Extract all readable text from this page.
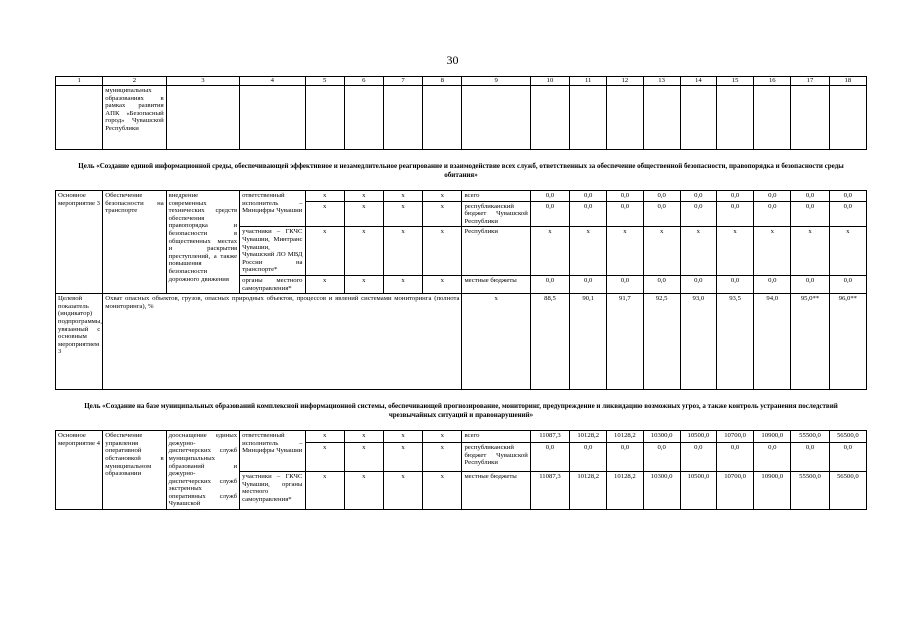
30
1	2	3	4	5	6	7	8	9	10	11	12	13	14	15	16	17	18
	муниципальных образованиях в рамках развития АПК «Безопасный город» Чувашской Республики																
Цель «Создание единой информационной среды, обеспечивающей эффективное и незамедлительное реагирование и взаимодействие всех служб, ответственных за обеспечение общественной безопасности, правопорядка и безопасности среды обитания»																	
Основное мероприятие 3	Обеспечение безопасности на транспорте	внедрение современных технических средств обеспечения правопорядка и безопасности в общественных местах и раскрытия преступлений, а также повышения безопасности дорожного движения	ответственный исполнитель – Минцифры Чувашии	x	x	x	x	всего	0,0	0,0	0,0	0,0	0,0	0,0	0,0	0,0	0,0
				x	x	x	x	республиканский бюджет Чувашской Республики	0,0	0,0	0,0	0,0	0,0	0,0	0,0	0,0	0,0
			участники – ГКЧС Чувашии, Минтранс Чувашии, Чувашский ЛО МВД России на транспорте*	x	x	x	x	Республики	x	x	x	x	x	x	x	x	x
			органы местного самоуправления*	x	x	x	x	местные бюджеты	0,0	0,0	0,0	0,0	0,0	0,0	0,0	0,0	0,0
Целевой показатель (индикатор) подпрограммы, увязанный с основным мероприятием 3	Охват опасных объектов, грузов, опасных природных объектов, процессов и явлений системами мониторинга (полнота мониторинга), %							x	88,5	90,1	91,7	92,5	93,0	93,5	94,0	95,0**	96,0**
Цель «Создание на базе муниципальных образований комплексной информационной системы, обеспечивающей прогнозирование, мониторинг, предупреждение и ликвидацию возможных угроз, а также контроль устранения последствий чрезвычайных ситуаций и правонарушений»																	
Основное мероприятие 4	Обеспечение управления оперативной обстановкой в муниципальном образовании	дооснащение единых дежурно-диспетчерских служб муниципальных образований и дежурно-диспетчерских служб экстренных оперативных служб Чувашской	ответственный исполнитель – Минцифры Чувашии	x	x	x	x	всего	11087,3	10128,2	10128,2	10300,0	10500,0	10700,0	10900,0	55500,0	56500,0
				x	x	x	x	республиканский бюджет Чувашской Республики	0,0	0,0	0,0	0,0	0,0	0,0	0,0	0,0	0,0
			участники – ГКЧС Чувашии, органы местного самоуправления*	x	x	x	x	местные бюджеты	11087,3	10128,2	10128,2	10300,0	10500,0	10700,0	10900,0	55500,0	56500,0
